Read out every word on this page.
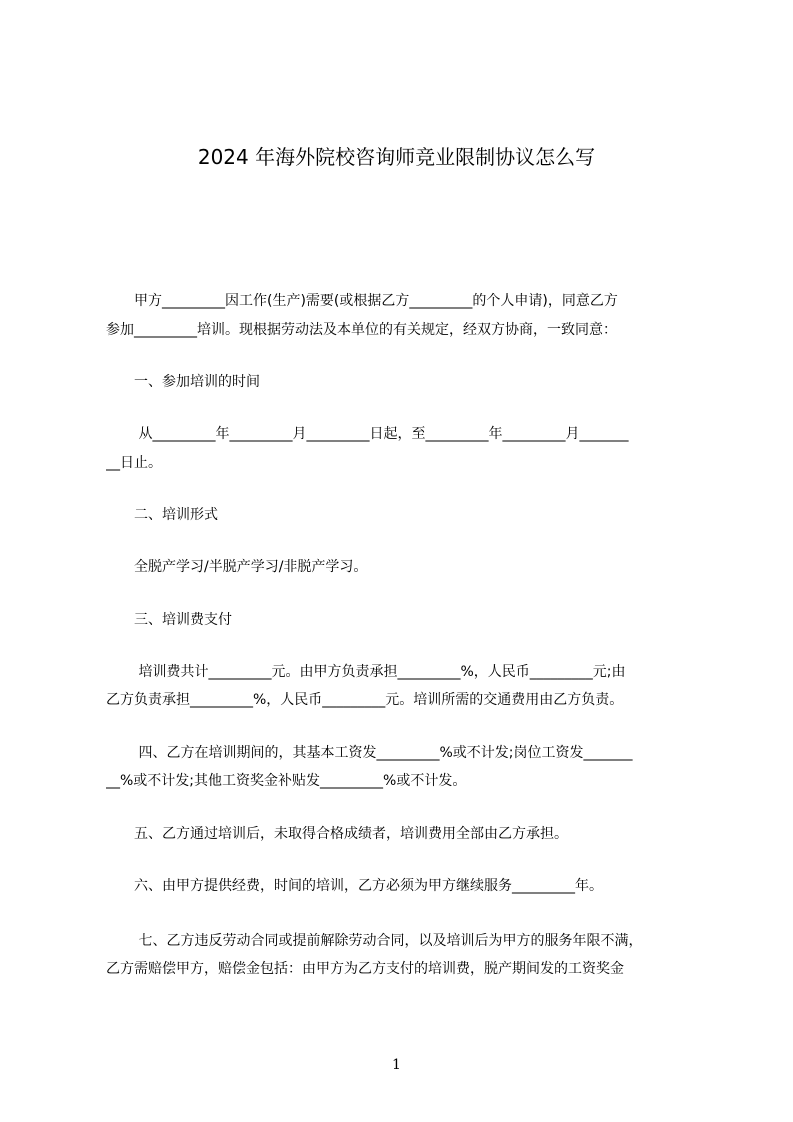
2024 年海外院校咨询师竞业限制协议怎么写
　　甲方_________因工作(生产)需要(或根据乙方_________的个人申请)，同意乙方
参加_________培训。现根据劳动法及本单位的有关规定，经双方协商，一致同意：
　　一、参加培训的时间
　　 从_________年_________月_________日起，至_________年_________月_______
__日止。
　　二、培训形式
　　全脱产学习/半脱产学习/非脱产学习。
　　三、培训费支付
　　 培训费共计_________元。由甲方负责承担_________%，人民币_________元;由
乙方负责承担_________%，人民币_________元。培训所需的交通费用由乙方负责。
　　 四、乙方在培训期间的，其基本工资发_________%或不计发;岗位工资发_______
__%或不计发;其他工资奖金补贴发_________%或不计发。
　　五、乙方通过培训后，未取得合格成绩者，培训费用全部由乙方承担。
　　六、由甲方提供经费，时间的培训，乙方必须为甲方继续服务_________年。
　　 七、乙方违反劳动合同或提前解除劳动合同，以及培训后为甲方的服务年限不满，
乙方需赔偿甲方，赔偿金包括：由甲方为乙方支付的培训费，脱产期间发的工资奖金
1
